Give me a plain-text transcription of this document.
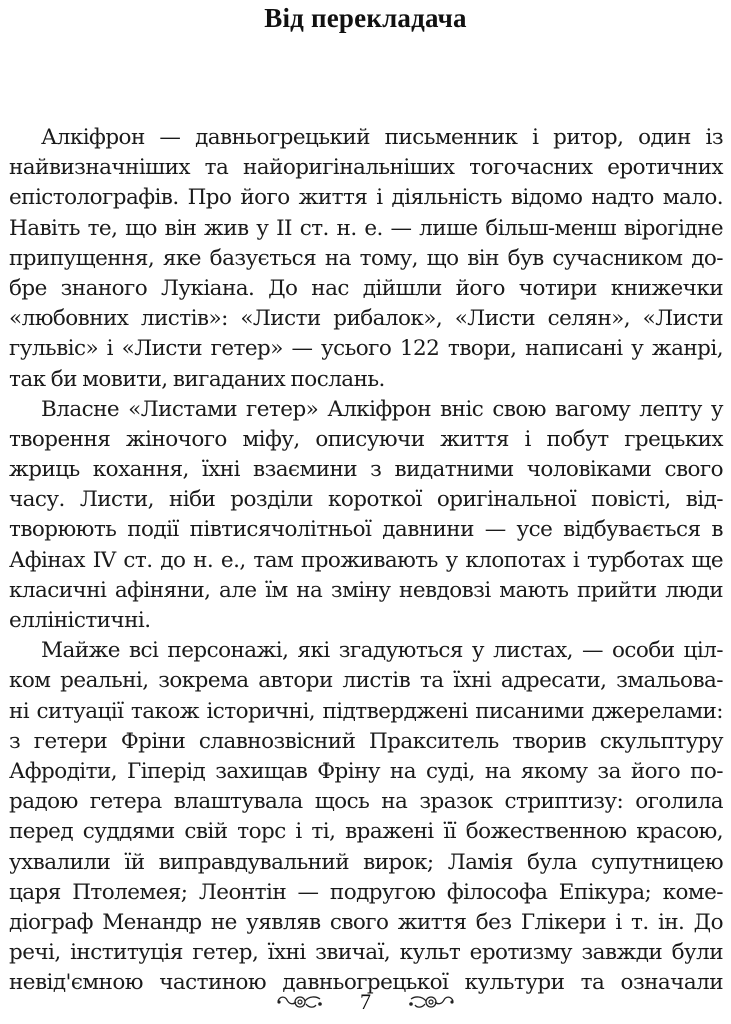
Від перекладача
Алкіфрон — давньогрецький письменник і ритор, один із
найвизначніших та найоригінальніших тогочасних еротичних
епістолографів. Про його життя і діяльність відомо надто мало.
Навіть те, що він жив у II ст. н. е. — лише більш-менш вірогідне
припущення, яке базується на тому, що він був сучасником до-
бре знаного Лукіана. До нас дійшли його чотири книжечки
«любовних листів»: «Листи рибалок», «Листи селян», «Листи
гульвіс» і «Листи гетер» — усього 122 твори, написані у жанрі,
так би мовити, вигаданих послань.
Власне «Листами гетер» Алкіфрон вніс свою вагому лепту у
творення жіночого міфу, описуючи життя і побут грецьких
жриць кохання, їхні взаємини з видатними чоловіками свого
часу. Листи, ніби розділи короткої оригінальної повісті, від-
творюють події півтисячолітньої давнини — усе відбувається в
Афінах IV ст. до н. е., там проживають у клопотах і турботах ще
класичні афіняни, але їм на зміну невдовзі мають прийти люди
елліністичні.
Майже всі персонажі, які згадуються у листах, — особи ціл-
ком реальні, зокрема автори листів та їхні адресати, змальова-
ні ситуації також історичні, підтверджені писаними джерелами:
з гетери Фріни славнозвісний Пракситель творив скульптуру
Афродіти, Гіперід захищав Фріну на суді, на якому за його по-
радою гетера влаштувала щось на зразок стриптизу: оголила
перед суддями свій торс і ті, вражені її божественною красою,
ухвалили їй виправдувальний вирок; Ламія була супутницею
царя Птолемея; Леонтін — подругою філософа Епікура; коме-
діограф Менандр не уявляв свого життя без Глікери і т. ін. До
речі, інституція гетер, їхні звичаї, культ еротизму завжди були
невід'ємною частиною давньогрецької культури та означали
7
